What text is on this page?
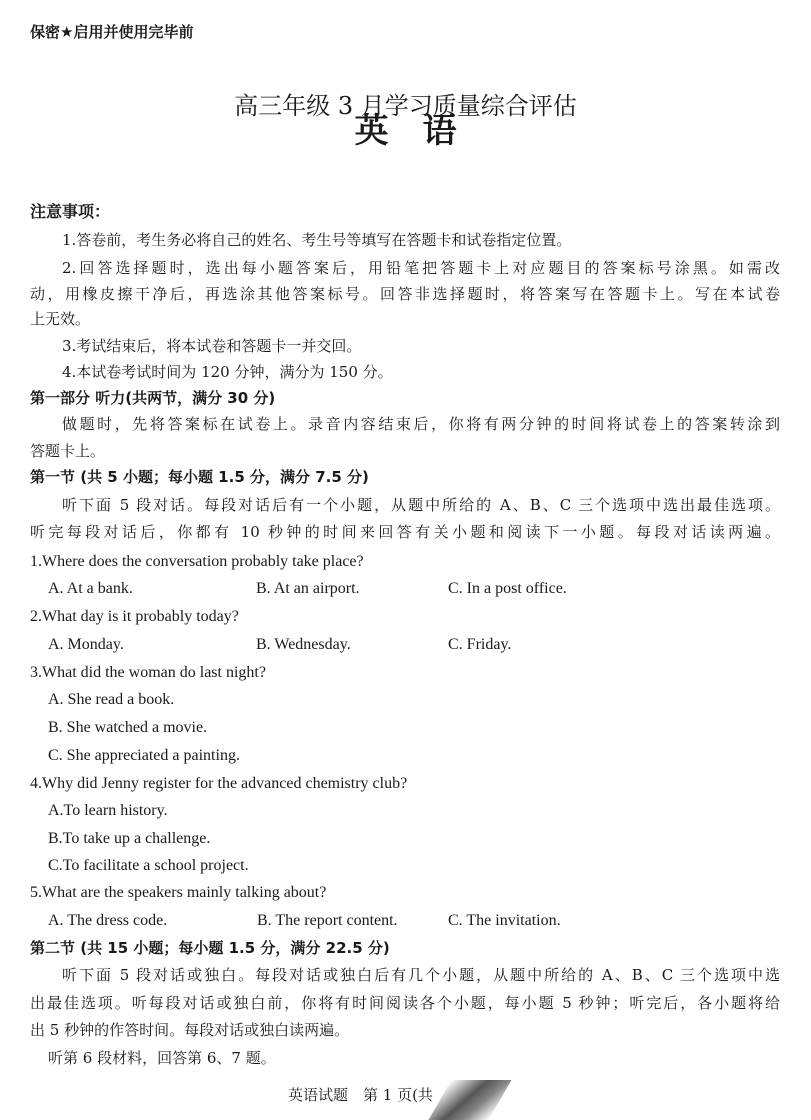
保密★启用并使用完毕前
高三年级 3 月学习质量综合评估
英　语
注意事项：
1.答卷前，考生务必将自己的姓名、考生号等填写在答题卡和试卷指定位置。
2.回答选择题时，选出每小题答案后，用铅笔把答题卡上对应题目的答案标号涂黑。如需改
动，用橡皮擦干净后，再选涂其他答案标号。回答非选择题时，将答案写在答题卡上。写在本试卷
上无效。
3.考试结束后，将本试卷和答题卡一并交回。
4.本试卷考试时间为 120 分钟，满分为 150 分。
第一部分 听力(共两节，满分 30 分)
做题时，先将答案标在试卷上。录音内容结束后，你将有两分钟的时间将试卷上的答案转涂到
答题卡上。
第一节 (共 5 小题；每小题 1.5 分，满分 7.5 分)
听下面 5 段对话。每段对话后有一个小题，从题中所给的 A、B、C 三个选项中选出最佳选项。
听完每段对话后，你都有 10 秒钟的时间来回答有关小题和阅读下一小题。每段对话读两遍。
1.Where does the conversation probably take place?
A. At a bank.	B. At an airport.	C. In a post office.
2.What day is it probably today?
A. Monday.	B. Wednesday.	C. Friday.
3.What did the woman do last night?
A. She read a book.
B. She watched a movie.
C. She appreciated a painting.
4.Why did Jenny register for the advanced chemistry club?
A.To learn history.
B.To take up a challenge.
C.To facilitate a school project.
5.What are the speakers mainly talking about?
A. The dress code.	B. The report content.	C. The invitation.
第二节 (共 15 小题；每小题 1.5 分，满分 22.5 分)
听下面 5 段对话或独白。每段对话或独白后有几个小题，从题中所给的 A、B、C 三个选项中选
出最佳选项。听每段对话或独白前，你将有时间阅读各个小题，每小题 5 秒钟；听完后，各小题将给
出 5 秒钟的作答时间。每段对话或独白读两遍。
听第 6 段材料，回答第 6、7 题。
英语试题　第 1 页(共
